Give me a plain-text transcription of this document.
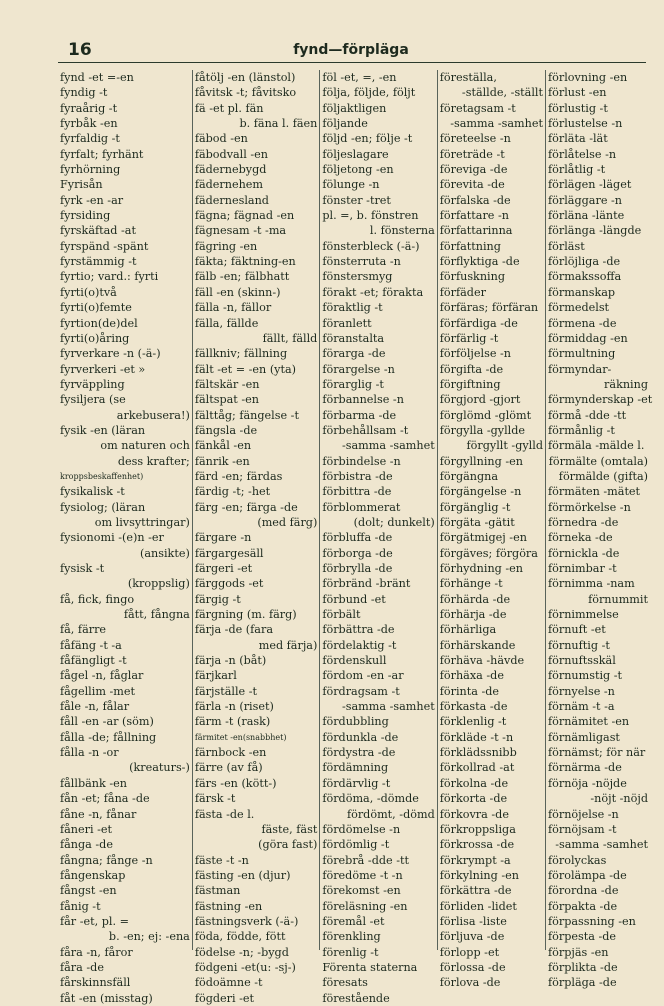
16	fynd—förpläga
fynd -et =-en
fyndig -t
fyraårig -t
fyrbåk -en
fyrfaldig -t
fyrfalt; fyrhänt
fyrhörning
Fyrisån
fyrk -en -ar
fyrsiding
fyrskäftad -at
fyrspänd -spänt
fyrstämmig -t
fyrtio; vard.: fyrti
fyrti(o)två
fyrti(o)femte
fyrtion(de)del
fyrti(o)åring
fyrverkare -n (-ä-)
fyrverkeri -et »
fyrväppling
fysiljera (se
arkebusera!)
fysik -en (läran
om naturen och
dess krafter;
kroppsbeskaffenhet)
fysikalisk -t
fysiolog; (läran
om livsyttringar)
fysionomi -(e)n -er
(ansikte)
fysisk -t
(kroppslig)
få, fick, fingo
fått, fångna
få, färre
fåfäng -t -a
fåfängligt -t
fågel -n, fåglar
fågellim -met
fåle -n, fålar
fåll -en -ar (söm)
fålla -de; fållning
fålla -n -or
(kreaturs-)
fållbänk -en
fån -et; fåna -de
fåne -n, fånar
fåneri -et
fånga -de
fångna; fånge -n
fångenskap
fångst -en
fånig -t
får -et, pl. =
b. -en; ej: -ena
fåra -n, fåror
fåra -de
fårskinnsfäll
fåt -en (misstag)
fåtölj -en (länstol)
fåvitsk -t; fåvitsko
fä -et pl. fän
b. fäna l. fäen
fäbod -en
fäbodvall -en
fädernebygd
fädernehem
fädernesland
fägna; fägnad -en
fägnesam -t -ma
fägring -en
fäkta; fäktning-en
fälb -en; fälbhatt
fäll -en (skinn-)
fälla -n, fällor
fälla, fällde
fällt, fälld
fällkniv; fällning
fält -et = -en (yta)
fältskär -en
fältspat -en
fälttåg; fängelse -t
fängsla -de
fänkål -en
fänrik -en
färd -en; färdas
färdig -t; -het
färg -en; färga -de
(med färg)
färgare -n
färgargesäll
färgeri -et
färggods -et
färgig -t
färgning (m. färg)
färja -de (fara
med färja)
färja -n (båt)
färjkarl
färjställe -t
färla -n (riset)
färm -t (rask)
färmitet -en(snabbhet)
färnbock -en
färre (av få)
färs -en (kött-)
färsk -t
fästa -de l.
fäste, fäst
(göra fast)
fäste -t -n
fästing -en (djur)
fästman
fästning -en
fästningsverk (-ä-)
föda, födde, fött
födelse -n; -bygd
födgeni -et(u: -sj-)
födoämne -t
fögderi -et
föl -et, =, -en
följa, följde, följt
följaktligen
följande
följd -en; följe -t
följeslagare
följetong -en
fölunge -n
fönster -tret
pl. =, b. fönstren
l. fönsterna
fönsterbleck (-ä-)
fönsterruta -n
fönstersmyg
förakt -et; förakta
föraktlig -t
föranlett
föranstalta
förarga -de
förargelse -n
förarglig -t
förbannelse -n
förbarma -de
förbehållsam -t
-samma -samhet
förbindelse -n
förbistra -de
förbittra -de
förblommerat
(dolt; dunkelt)
förbluffa -de
förborga -de
förbrylla -de
förbränd -bränt
förbund -et
förbält
förbättra -de
fördelaktig -t
fördenskull
fördom -en -ar
fördragsam -t
-samma -samhet
fördubbling
fördunkla -de
fördystra -de
fördämning
fördärvlig -t
fördöma, -dömde
fördömt, -dömd
fördömelse -n
fördömlig -t
förebrå -dde -tt
föredöme -t -n
förekomst -en
föreläsning -en
föremål -et
förenkling
förenlig -t
Förenta staterna
föresats
förestående
föreställa,
-ställde, -ställt
företagsam -t
-samma -samhet
företeelse -n
företräde -t
föreviga -de
förevita -de
förfalska -de
författare -n
författarinna
författning
förflyktiga -de
förfuskning
förfäder
förfäras; förfäran
förfärdiga -de
förfärlig -t
förföljelse -n
förgifta -de
förgiftning
förgjord -gjort
förglömd -glömt
förgylla -gyllde
förgyllt -gylld
förgyllning -en
förgängna
förgängelse -n
förgänglig -t
förgäta -gätit
förgätmigej -en
förgäves; förgöra
förhydning -en
förhänge -t
förhärda -de
förhärja -de
förhärliga
förhärskande
förhäva -hävde
förhäxa -de
förinta -de
förkasta -de
förklenlig -t
förkläde -t -n
förklädssnibb
förkollrad -at
förkolna -de
förkorta -de
förkovra -de
förkroppsliga
förkrossa -de
förkrympt -a
förkylning -en
förkättra -de
förliden -lidet
förlisa -liste
förljuva -de
förlopp -et
förlossa -de
förlova -de
förlovning -en
förlust -en
förlustig -t
förlustelse -n
förläta -lät
förlåtelse -n
förlåtlig -t
förlägen -läget
förläggare -n
förläna -länte
förlänga -längde
förläst
förlöjliga -de
förmakssoffa
förmanskap
förmedelst
förmena -de
förmiddag -en
förmultning
förmyndar-
räkning
förmynderskap -et
förmå -dde -tt
förmånlig -t
förmäla -mälde l.
förmälte (omtala)
förmälde (gifta)
förmäten -mätet
förmörkelse -n
förnedra -de
förneka -de
förnickla -de
förnimbar -t
förnimma -nam
förnummit
förnimmelse
förnuft -et
förnuftig -t
förnuftsskäl
förnumstig -t
förnyelse -n
förnäm -t -a
förnämitet -en
förnämligast
förnämst; för när
förnärma -de
förnöja -nöjde
-nöjt -nöjd
förnöjelse -n
förnöjsam -t
-samma -samhet
förolyckas
förolämpa -de
förordna -de
förpakta -de
förpassning -en
förpesta -de
förpjäs -en
förplikta -de
förpläga -de
